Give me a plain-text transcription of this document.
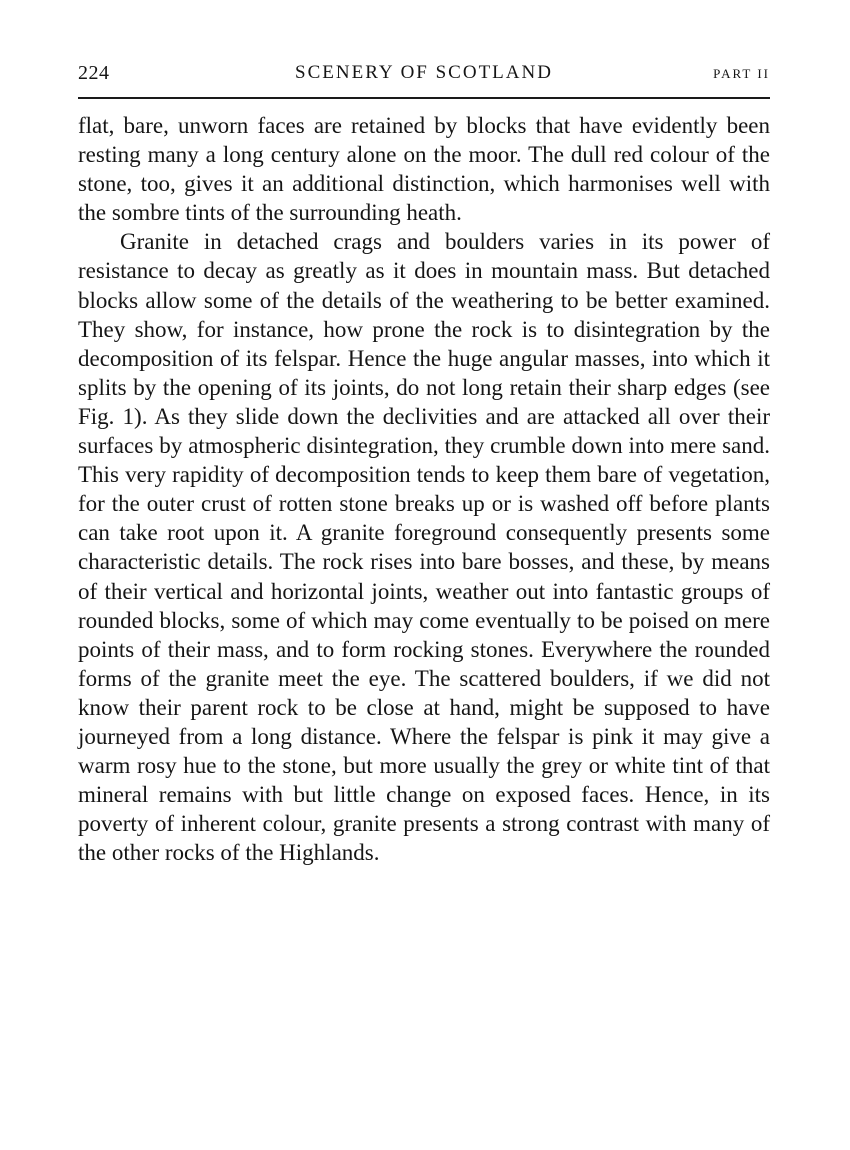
224	SCENERY OF SCOTLAND	PART II

flat, bare, unworn faces are retained by blocks that have evidently been resting many a long century alone on the moor. The dull red colour of the stone, too, gives it an additional distinction, which harmonises well with the sombre tints of the surrounding heath.

Granite in detached crags and boulders varies in its power of resistance to decay as greatly as it does in mountain mass. But detached blocks allow some of the details of the weathering to be better examined. They show, for instance, how prone the rock is to disintegration by the decomposition of its felspar. Hence the huge angular masses, into which it splits by the opening of its joints, do not long retain their sharp edges (see Fig. 1). As they slide down the declivities and are attacked all over their surfaces by atmospheric disintegration, they crumble down into mere sand. This very rapidity of decomposition tends to keep them bare of vegetation, for the outer crust of rotten stone breaks up or is washed off before plants can take root upon it. A granite foreground consequently presents some characteristic details. The rock rises into bare bosses, and these, by means of their vertical and horizontal joints, weather out into fantastic groups of rounded blocks, some of which may come eventually to be poised on mere points of their mass, and to form rocking stones. Everywhere the rounded forms of the granite meet the eye. The scattered boulders, if we did not know their parent rock to be close at hand, might be supposed to have journeyed from a long distance. Where the felspar is pink it may give a warm rosy hue to the stone, but more usually the grey or white tint of that mineral remains with but little change on exposed faces. Hence, in its poverty of inherent colour, granite presents a strong contrast with many of the other rocks of the Highlands.
